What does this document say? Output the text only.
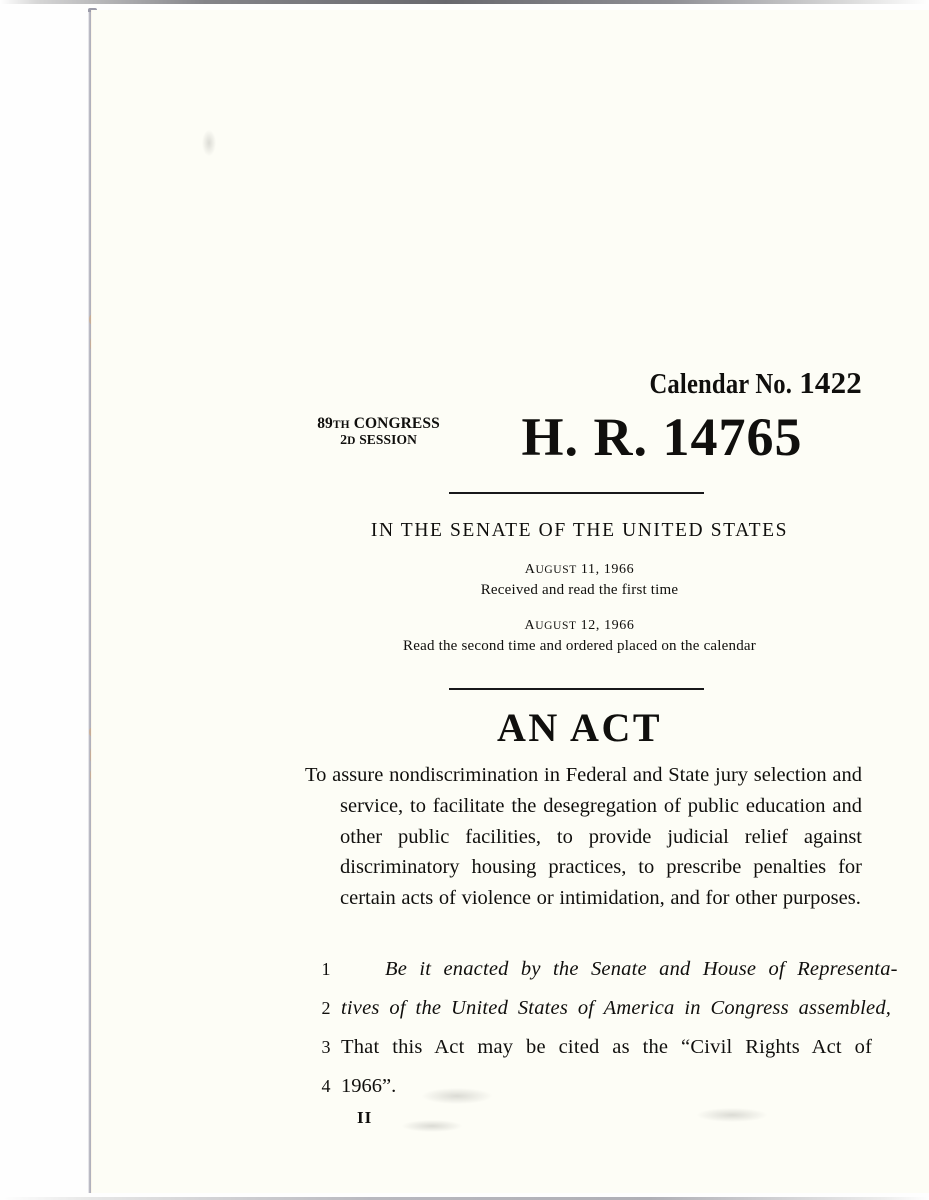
Calendar No. 1422
89TH CONGRESS
2D SESSION	H. R. 14765
IN THE SENATE OF THE UNITED STATES
AUGUST 11, 1966
Received and read the first time
AUGUST 12, 1966
Read the second time and ordered placed on the calendar
AN ACT
To assure nondiscrimination in Federal and State jury selection and service, to facilitate the desegregation of public education and other public facilities, to provide judicial relief against discriminatory housing practices, to prescribe penalties for certain acts of violence or intimidation, and for other purposes.
1	Be it enacted by the Senate and House of Representa-
2 tives of the United States of America in Congress assembled,
3 That this Act may be cited as the “Civil Rights Act of
4 1966”.
II
